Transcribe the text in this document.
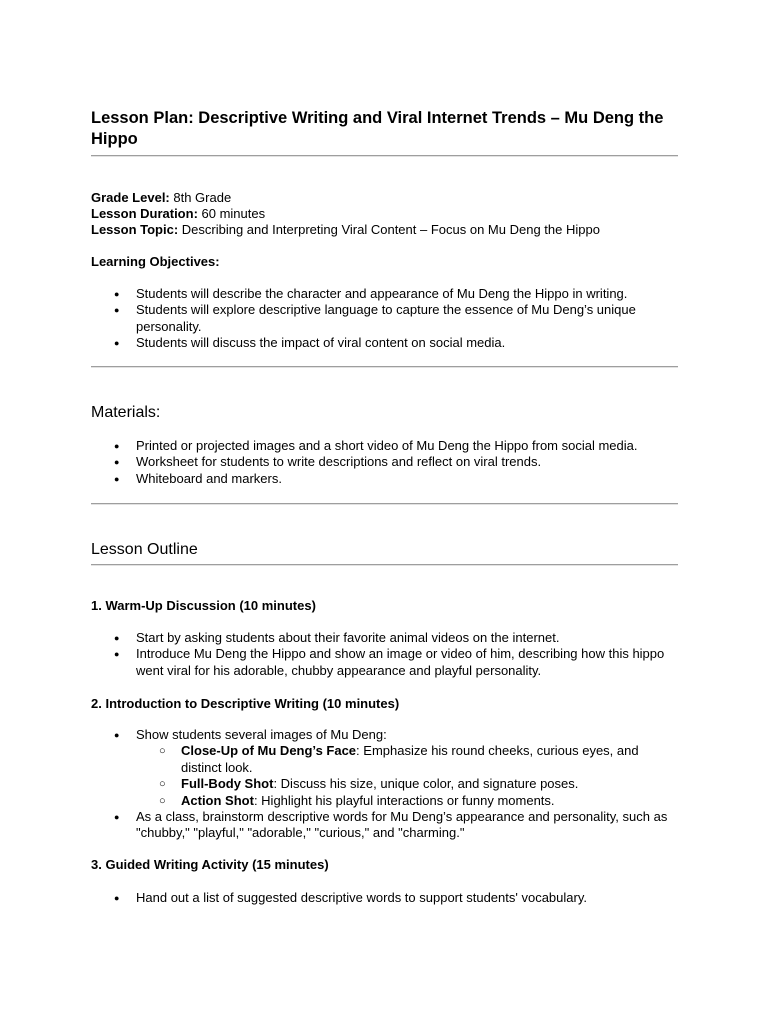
Lesson Plan: Descriptive Writing and Viral Internet Trends – Mu Deng the Hippo
Grade Level: 8th Grade
Lesson Duration: 60 minutes
Lesson Topic: Describing and Interpreting Viral Content – Focus on Mu Deng the Hippo
Learning Objectives:
● Students will describe the character and appearance of Mu Deng the Hippo in writing.
● Students will explore descriptive language to capture the essence of Mu Deng’s unique personality.
● Students will discuss the impact of viral content on social media.
Materials:
● Printed or projected images and a short video of Mu Deng the Hippo from social media.
● Worksheet for students to write descriptions and reflect on viral trends.
● Whiteboard and markers.
Lesson Outline
1. Warm-Up Discussion (10 minutes)
● Start by asking students about their favorite animal videos on the internet.
● Introduce Mu Deng the Hippo and show an image or video of him, describing how this hippo went viral for his adorable, chubby appearance and playful personality.
2. Introduction to Descriptive Writing (10 minutes)
● Show students several images of Mu Deng:
○ Close-Up of Mu Deng’s Face: Emphasize his round cheeks, curious eyes, and distinct look.
○ Full-Body Shot: Discuss his size, unique color, and signature poses.
○ Action Shot: Highlight his playful interactions or funny moments.
● As a class, brainstorm descriptive words for Mu Deng’s appearance and personality, such as "chubby," "playful," "adorable," "curious," and "charming."
3. Guided Writing Activity (15 minutes)
● Hand out a list of suggested descriptive words to support students' vocabulary.
